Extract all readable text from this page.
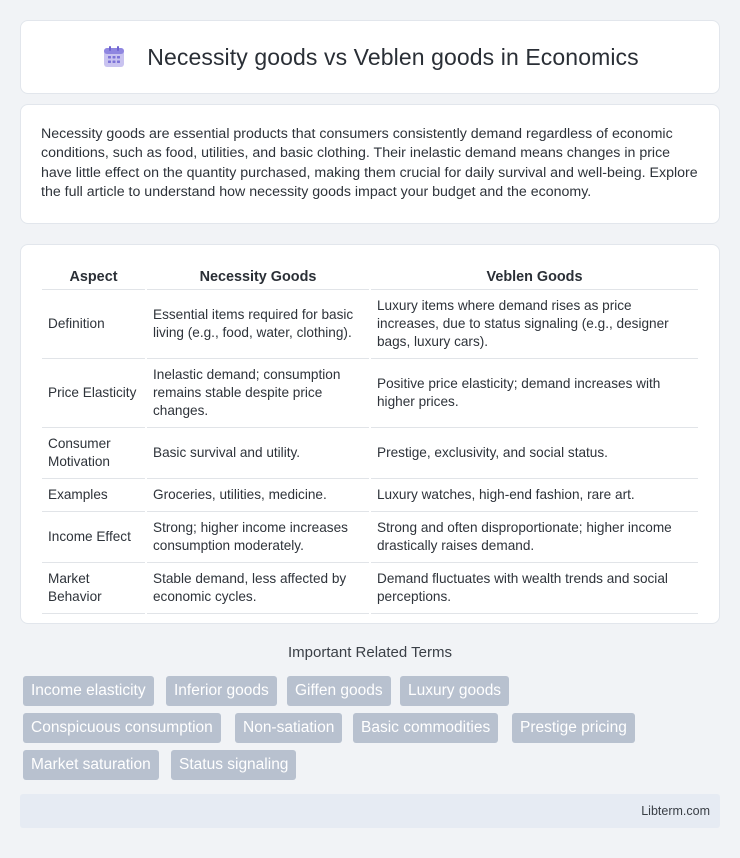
Necessity goods vs Veblen goods in Economics

Necessity goods are essential products that consumers consistently demand regardless of economic conditions, such as food, utilities, and basic clothing. Their inelastic demand means changes in price have little effect on the quantity purchased, making them crucial for daily survival and well-being. Explore the full article to understand how necessity goods impact your budget and the economy.

Aspect	Necessity Goods	Veblen Goods
Definition	Essential items required for basic living (e.g., food, water, clothing).	Luxury items where demand rises as price increases, due to status signaling (e.g., designer bags, luxury cars).
Price Elasticity	Inelastic demand; consumption remains stable despite price changes.	Positive price elasticity; demand increases with higher prices.
Consumer Motivation	Basic survival and utility.	Prestige, exclusivity, and social status.
Examples	Groceries, utilities, medicine.	Luxury watches, high-end fashion, rare art.
Income Effect	Strong; higher income increases consumption moderately.	Strong and often disproportionate; higher income drastically raises demand.
Market Behavior	Stable demand, less affected by economic cycles.	Demand fluctuates with wealth trends and social perceptions.
Important Related Terms
Income elasticity	Inferior goods	Giffen goods	Luxury goods
Conspicuous consumption	Non-satiation	Basic commodities	Prestige pricing
Market saturation	Status signaling
Libterm.com
